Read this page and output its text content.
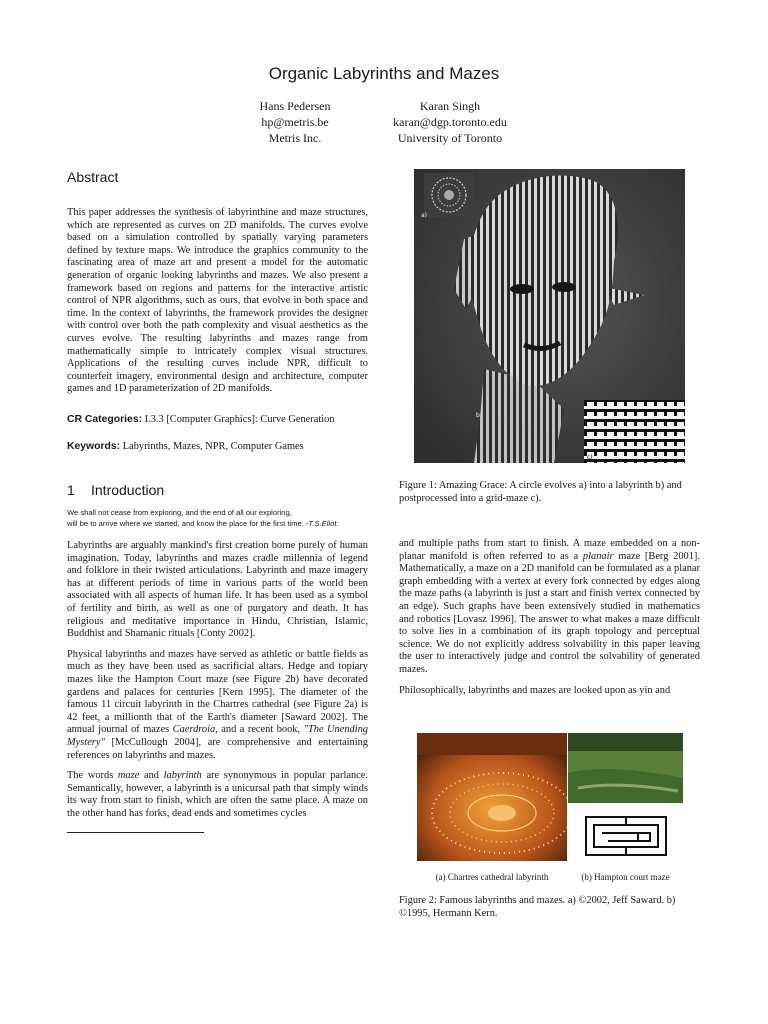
Organic Labyrinths and Mazes
Hans Pedersen
hp@metris.be
Metris Inc.
Karan Singh
karan@dgp.toronto.edu
University of Toronto
Abstract
This paper addresses the synthesis of labyrinthine and maze structures, which are represented as curves on 2D manifolds. The curves evolve based on a simulation controlled by spatially varying parameters defined by texture maps. We introduce the graphics community to the fascinating area of maze art and present a model for the automatic generation of organic looking labyrinths and mazes. We also present a framework based on regions and patterns for the interactive artistic control of NPR algorithms, such as ours, that evolve in both space and time. In the context of labyrinths, the framework provides the designer with control over both the path complexity and visual aesthetics as the curves evolve. The resulting labyrinths and mazes range from mathematically simple to intricately complex visual structures. Applications of the resulting curves include NPR, difficult to counterfeit imagery, environmental design and architecture, computer games and 1D parameterization of 2D manifolds.
CR Categories: I.3.3 [Computer Graphics]: Curve Generation
Keywords: Labyrinths, Mazes, NPR, Computer Games
1 Introduction
We shall not cease from exploring, and the end of all our exploring,
will be to arrive where we started, and know the place for the first time. -T.S.Eliot.

Labyrinths are arguably mankind's first creation borne purely of human imagination. Today, labyrinths and mazes cradle millennia of legend and folklore in their twisted articulations. Labyrinth and maze imagery has at different periods of time in various parts of the world been associated with all aspects of human life. It has been used as a symbol of fertility and birth, as well as one of purgatory and death. It has religious and meditative importance in Hindu, Christian, Islamic, Buddhist and Shamanic rituals [Conty 2002].

Physical labyrinths and mazes have served as athletic or battle fields as much as they have been used as sacrificial altars. Hedge and topiary mazes like the Hampton Court maze (see Figure 2b) have decorated gardens and palaces for centuries [Kern 1995]. The diameter of the famous 11 circuit labyrinth in the Chartres cathedral (see Figure 2a) is 42 feet, a millionth that of the Earth's diameter [Saward 2002]. The annual journal of mazes Caerdroia, and a recent book, "The Unending Mystery" [McCullough 2004], are comprehensive and entertaining references on labyrinths and mazes.

The words maze and labyrinth are synonymous in popular parlance. Semantically, however, a labyrinth is a unicursal path that simply winds its way from start to finish, which are often the same place. A maze on the other hand has forks, dead ends and sometimes cycles

a)
b)
c)
Figure 1: Amazing Grace: A circle evolves a) into a labyrinth b) and postprocessed into a grid-maze c).

and multiple paths from start to finish. A maze embedded on a non-planar manifold is often referred to as a planair maze [Berg 2001]. Mathematically, a maze on a 2D manifold can be formulated as a planar graph embedding with a vertex at every fork connected by edges along the maze paths (a labyrinth is just a start and finish vertex connected by an edge). Such graphs have been extensively studied in mathematics and robotics [Lovasz 1996]. The answer to what makes a maze difficult to solve lies in a combination of its graph topology and perceptual science. We do not explicitly address solvability in this paper leaving the user to interactively judge and control the solvability of generated mazes.

Philosophically, labyrinths and mazes are looked upon as yin and

(a) Chartres cathedral labyrinth	(b) Hampton court maze
Figure 2: Famous labyrinths and mazes. a) ©2002, Jeff Saward. b)
©1995, Hermann Kern.
